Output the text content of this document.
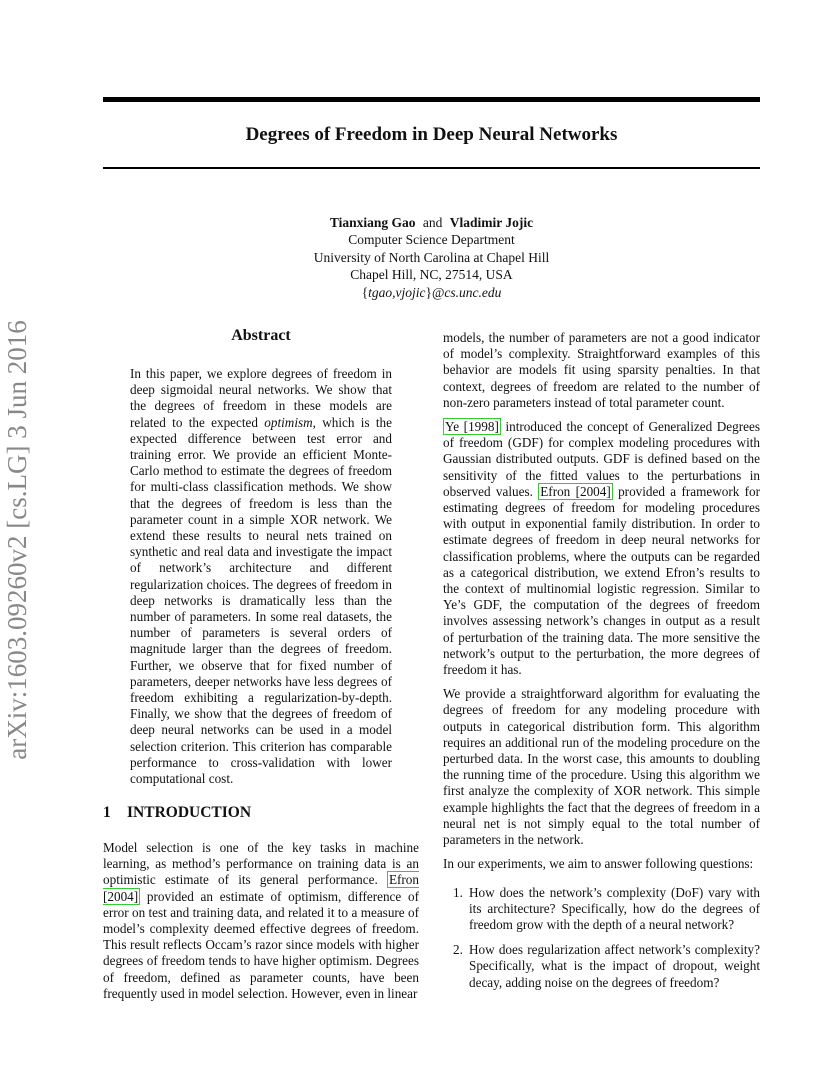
Degrees of Freedom in Deep Neural Networks
Tianxiang Gao and Vladimir Jojic
Computer Science Department
University of North Carolina at Chapel Hill
Chapel Hill, NC, 27514, USA
{tgao,vjojic}@cs.unc.edu
arXiv:1603.09260v2 [cs.LG] 3 Jun 2016	Abstract

In this paper, we explore degrees of freedom in deep sigmoidal neural networks. We show that the degrees of freedom in these models are related to the expected optimism, which is the expected difference between test error and training error. We provide an efficient Monte-Carlo method to estimate the degrees of freedom for multi-class classification methods. We show that the degrees of freedom is less than the parameter count in a simple XOR network. We extend these results to neural nets trained on synthetic and real data and investigate the impact of network’s architecture and different regularization choices. The degrees of freedom in deep networks is dramatically less than the number of parameters. In some real datasets, the number of parameters is several orders of magnitude larger than the degrees of freedom. Further, we observe that for fixed number of parameters, deeper networks have less degrees of freedom exhibiting a regularization-by-depth. Finally, we show that the degrees of freedom of deep neural networks can be used in a model selection criterion. This criterion has comparable performance to cross-validation with lower computational cost.

1 INTRODUCTION

Model selection is one of the key tasks in machine learning, as method’s performance on training data is an optimistic estimate of its general performance. Efron [2004] provided an estimate of optimism, difference of error on test and training data, and related it to a measure of model’s complexity deemed effective degrees of freedom. This result reflects Occam’s razor since models with higher degrees of freedom tends to have higher optimism. Degrees of freedom, defined as parameter counts, have been frequently used in model selection. However, even in linear

models, the number of parameters are not a good indicator of model’s complexity. Straightforward examples of this behavior are models fit using sparsity penalties. In that context, degrees of freedom are related to the number of non-zero parameters instead of total parameter count.

Ye [1998] introduced the concept of Generalized Degrees of freedom (GDF) for complex modeling procedures with Gaussian distributed outputs. GDF is defined based on the sensitivity of the fitted values to the perturbations in observed values. Efron [2004] provided a framework for estimating degrees of freedom for modeling procedures with output in exponential family distribution. In order to estimate degrees of freedom in deep neural networks for classification problems, where the outputs can be regarded as a categorical distribution, we extend Efron’s results to the context of multinomial logistic regression. Similar to Ye’s GDF, the computation of the degrees of freedom involves assessing network’s changes in output as a result of perturbation of the training data. The more sensitive the network’s output to the perturbation, the more degrees of freedom it has.

We provide a straightforward algorithm for evaluating the degrees of freedom for any modeling procedure with outputs in categorical distribution form. This algorithm requires an additional run of the modeling procedure on the perturbed data. In the worst case, this amounts to doubling the running time of the procedure. Using this algorithm we first analyze the complexity of XOR network. This simple example highlights the fact that the degrees of freedom in a neural net is not simply equal to the total number of parameters in the network.

In our experiments, we aim to answer following questions:

1. How does the network’s complexity (DoF) vary with its architecture? Specifically, how do the degrees of freedom grow with the depth of a neural network?
2. How does regularization affect network’s complexity? Specifically, what is the impact of dropout, weight decay, adding noise on the degrees of freedom?
